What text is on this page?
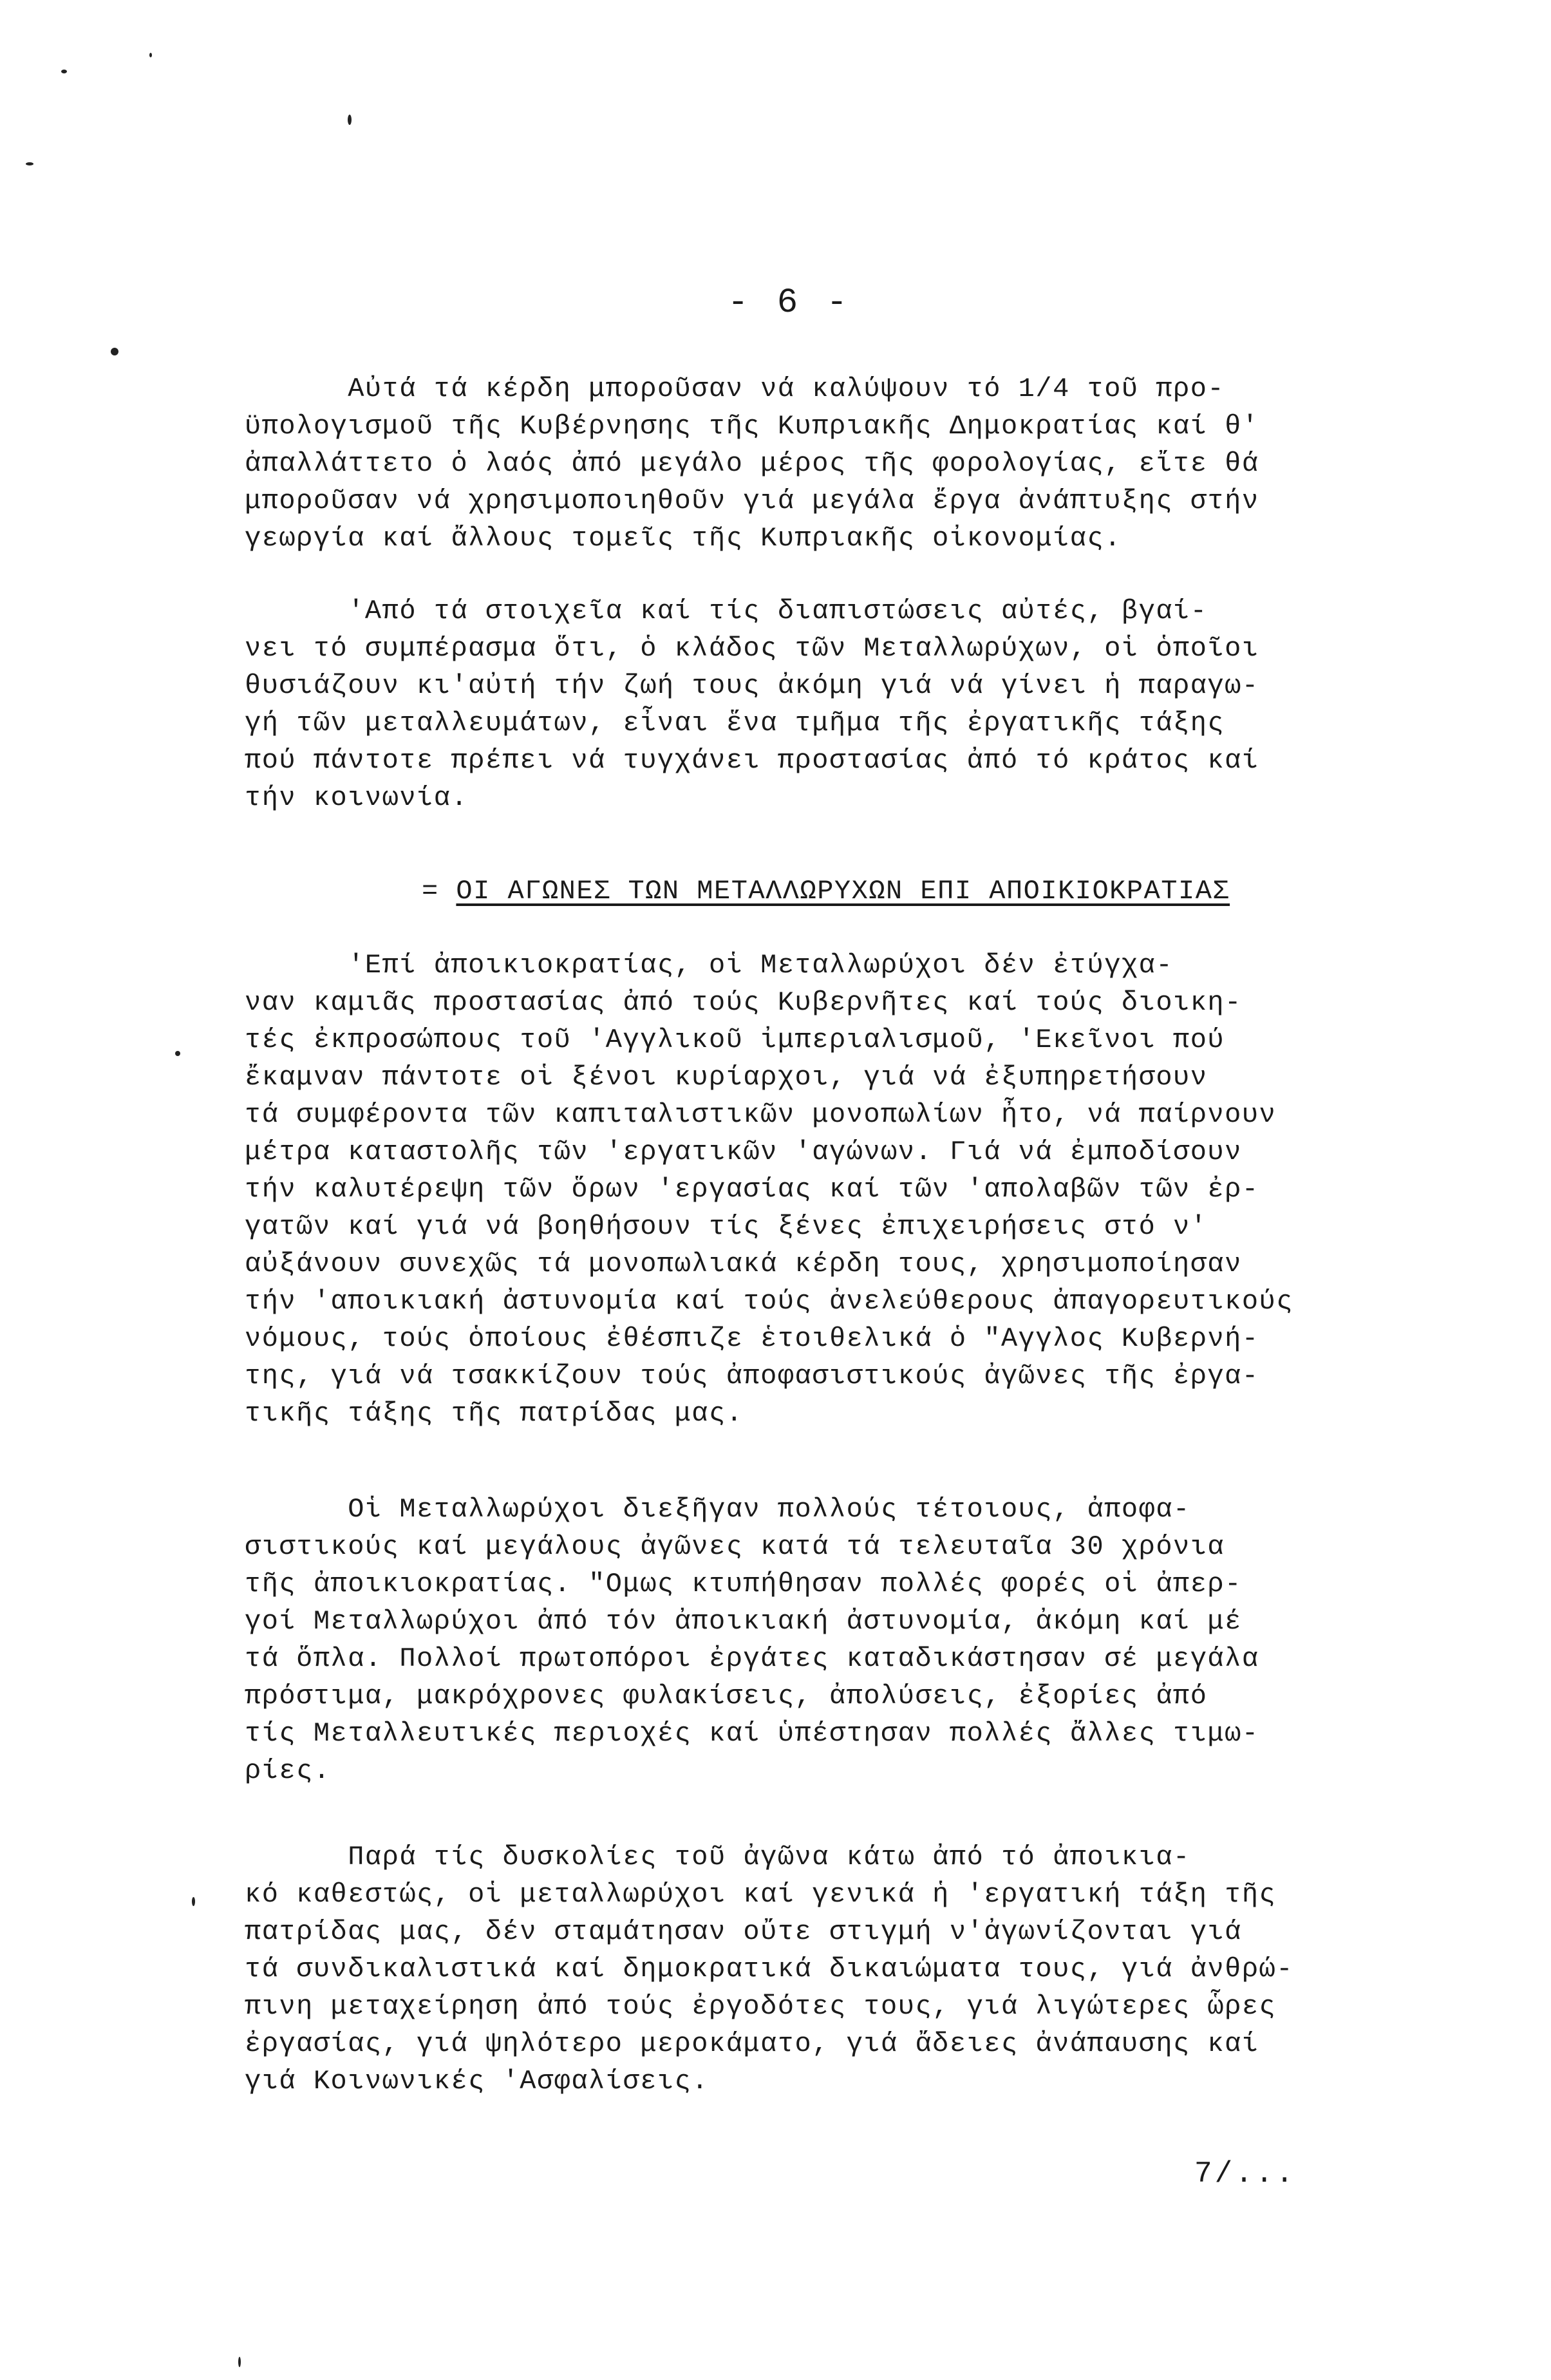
- 6 -
Αὐτά τά κέρδη μποροῦσαν νά καλύψουν τό 1/4 τοῦ προ-
ϋπολογισμοῦ τῆς Κυβέρνησης τῆς Κυπριακῆς Δημοκρατίας καί θ'
ἀπαλλάττετο ὁ λαός ἀπό μεγάλο μέρος τῆς φορολογίας, εἴτε θά
μποροῦσαν νά χρησιμοποιηθοῦν γιά μεγάλα ἔργα ἀνάπτυξης στήν
γεωργία καί ἄλλους τομεῖς τῆς Κυπριακῆς οἰκονομίας.
'Από τά στοιχεῖα καί τίς διαπιστώσεις αὐτές, βγαί-
νει τό συμπέρασμα ὅτι, ὁ κλάδος τῶν Μεταλλωρύχων, οἱ ὁποῖοι
θυσιάζουν κι'αὐτή τήν ζωή τους ἀκόμη γιά νά γίνει ἡ παραγω-
γή τῶν μεταλλευμάτων, εἶναι ἕνα τμῆμα τῆς ἐργατικῆς τάξης
πού πάντοτε πρέπει νά τυγχάνει προστασίας ἀπό τό κράτος καί
τήν κοινωνία.
= ΟΙ ΑΓΩΝΕΣ ΤΩΝ ΜΕΤΑΛΛΩΡΥΧΩΝ ΕΠΙ ΑΠΟΙΚΙΟΚΡΑΤΙΑΣ
'Επί ἀποικιοκρατίας, οἱ Μεταλλωρύχοι δέν ἐτύγχα-
ναν καμιᾶς προστασίας ἀπό τούς Κυβερνῆτες καί τούς διοικη-
τές ἐκπροσώπους τοῦ 'Αγγλικοῦ ἰμπεριαλισμοῦ, 'Εκεῖνοι πού
ἔκαμναν πάντοτε οἱ ξένοι κυρίαρχοι, γιά νά ἐξυπηρετήσουν
τά συμφέροντα τῶν καπιταλιστικῶν μονοπωλίων ἦτο, νά παίρνουν
μέτρα καταστολῆς τῶν 'εργατικῶν 'αγώνων. Γιά νά ἐμποδίσουν
τήν καλυτέρεψη τῶν ὅρων 'εργασίας καί τῶν 'απολαβῶν τῶν ἐρ-
γατῶν καί γιά νά βοηθήσουν τίς ξένες ἐπιχειρήσεις στό ν'
αὐξάνουν συνεχῶς τά μονοπωλιακά κέρδη τους, χρησιμοποίησαν
τήν 'αποικιακή ἀστυνομία καί τούς ἀνελεύθερους ἀπαγορευτικούς
νόμους, τούς ὁποίους ἐθέσπιζε ἑτοιθελικά ὁ "Αγγλος Κυβερνή-
της, γιά νά τσακκίζουν τούς ἀποφασιστικούς ἀγῶνες τῆς ἐργα-
τικῆς τάξης τῆς πατρίδας μας.
Οἱ Μεταλλωρύχοι διεξῆγαν πολλούς τέτοιους, ἀποφα-
σιστικούς καί μεγάλους ἀγῶνες κατά τά τελευταῖα 30 χρόνια
τῆς ἀποικιοκρατίας. "Ομως κτυπήθησαν πολλές φορές οἱ ἀπερ-
γοί Μεταλλωρύχοι ἀπό τόν ἀποικιακή ἀστυνομία, ἀκόμη καί μέ
τά ὅπλα. Πολλοί πρωτοπόροι ἐργάτες καταδικάστησαν σέ μεγάλα
πρόστιμα, μακρόχρονες φυλακίσεις, ἀπολύσεις, ἐξορίες ἀπό
τίς Μεταλλευτικές περιοχές καί ὑπέστησαν πολλές ἄλλες τιμω-
ρίες.
Παρά τίς δυσκολίες τοῦ ἀγῶνα κάτω ἀπό τό ἀποικια-
κό καθεστώς, οἱ μεταλλωρύχοι καί γενικά ἡ 'εργατική τάξη τῆς
πατρίδας μας, δέν σταμάτησαν οὔτε στιγμή ν'ἀγωνίζονται γιά
τά συνδικαλιστικά καί δημοκρατικά δικαιώματα τους, γιά ἀνθρώ-
πινη μεταχείρηση ἀπό τούς ἐργοδότες τους, γιά λιγώτερες ὧρες
ἐργασίας, γιά ψηλότερο μεροκάματο, γιά ἄδειες ἀνάπαυσης καί
γιά Κοινωνικές 'Ασφαλίσεις.
7/...
